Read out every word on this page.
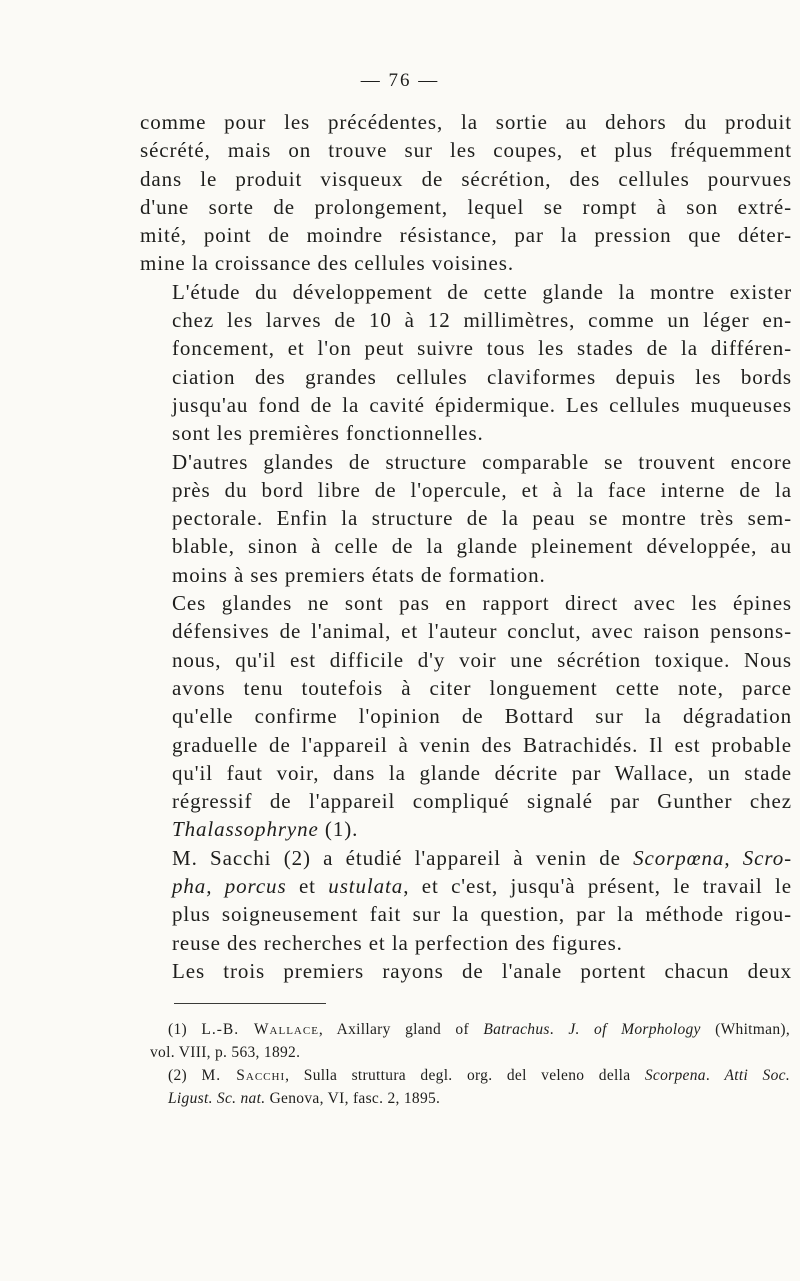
— 76 —

comme pour les précédentes, la sortie au dehors du produit
sécrété, mais on trouve sur les coupes, et plus fréquemment
dans le produit visqueux de sécrétion, des cellules pourvues
d'une sorte de prolongement, lequel se rompt à son extré-
mité, point de moindre résistance, par la pression que déter-
mine la croissance des cellules voisines.

L'étude du développement de cette glande la montre exister
chez les larves de 10 à 12 millimètres, comme un léger en-
foncement, et l'on peut suivre tous les stades de la différen-
ciation des grandes cellules claviformes depuis les bords
jusqu'au fond de la cavité épidermique. Les cellules muqueuses
sont les premières fonctionnelles.

D'autres glandes de structure comparable se trouvent encore
près du bord libre de l'opercule, et à la face interne de la
pectorale. Enfin la structure de la peau se montre très sem-
blable, sinon à celle de la glande pleinement développée, au
moins à ses premiers états de formation.

Ces glandes ne sont pas en rapport direct avec les épines
défensives de l'animal, et l'auteur conclut, avec raison pensons-
nous, qu'il est difficile d'y voir une sécrétion toxique. Nous
avons tenu toutefois à citer longuement cette note, parce
qu'elle confirme l'opinion de Bottard sur la dégradation
graduelle de l'appareil à venin des Batrachidés. Il est probable
qu'il faut voir, dans la glande décrite par Wallace, un stade
régressif de l'appareil compliqué signalé par Gunther chez
Thalassophryne (1).

M. Sacchi (2) a étudié l'appareil à venin de Scorpœna, Scro-
pha, porcus et ustulata, et c'est, jusqu'à présent, le travail le
plus soigneusement fait sur la question, par la méthode rigou-
reuse des recherches et la perfection des figures.

Les trois premiers rayons de l'anale portent chacun deux

(1) L.-B. Wallace, Axillary gland of Batrachus. J. of Morphology (Whitman),
vol. VIII, p. 563, 1892.

(2) M. Sacchi, Sulla struttura degl. org. del veleno della Scorpena. Atti Soc.
Ligust. Sc. nat. Genova, VI, fasc. 2, 1895.
